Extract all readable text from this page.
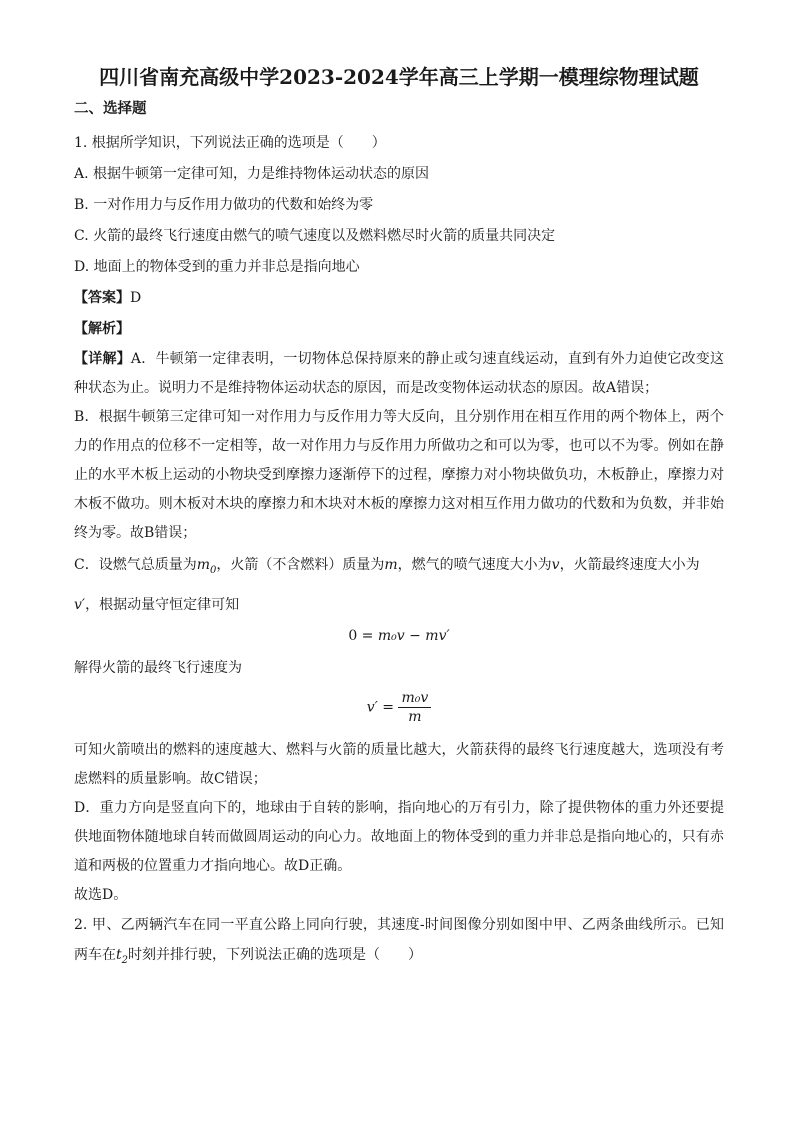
四川省南充高级中学2023-2024学年高三上学期一模理综物理试题
二、选择题

1. 根据所学知识，下列说法正确的选项是（　　）

A. 根据牛顿第一定律可知，力是维持物体运动状态的原因

B. 一对作用力与反作用力做功的代数和始终为零

C. 火箭的最终飞行速度由燃气的喷气速度以及燃料燃尽时火箭的质量共同决定

D. 地面上的物体受到的重力并非总是指向地心

【答案】D

【解析】

【详解】A．牛顿第一定律表明，一切物体总保持原来的静止或匀速直线运动，直到有外力迫使它改变这种状态为止。说明力不是维持物体运动状态的原因，而是改变物体运动状态的原因。故A错误；

B．根据牛顿第三定律可知一对作用力与反作用力等大反向，且分别作用在相互作用的两个物体上，两个力的作用点的位移不一定相等，故一对作用力与反作用力所做功之和可以为零，也可以不为零。例如在静止的水平木板上运动的小物块受到摩擦力逐渐停下的过程，摩擦力对小物块做负功，木板静止，摩擦力对木板不做功。则木板对木块的摩擦力和木块对木板的摩擦力这对相互作用力做功的代数和为负数，并非始终为零。故B错误；

C．设燃气总质量为$m_0$，火箭（不含燃料）质量为m，燃气的喷气速度大小为v，火箭最终速度大小为
v′，根据动量守恒定律可知

0 = m₀v − mv′

解得火箭的最终飞行速度为

$v' = \frac{\text{m₀v}}{m}$

可知火箭喷出的燃料的速度越大、燃料与火箭的质量比越大，火箭获得的最终飞行速度越大，选项没有考虑燃料的质量影响。故C错误；

D．重力方向是竖直向下的，地球由于自转的影响，指向地心的万有引力，除了提供物体的重力外还要提供地面物体随地球自转而做圆周运动的向心力。故地面上的物体受到的重力并非总是指向地心的，只有赤道和两极的位置重力才指向地心。故D正确。

故选D。

2. 甲、乙两辆汽车在同一平直公路上同向行驶，其速度-时间图像分别如图中甲、乙两条曲线所示。已知两车在$t_2$时刻并排行驶，下列说法正确的选项是（　　）
